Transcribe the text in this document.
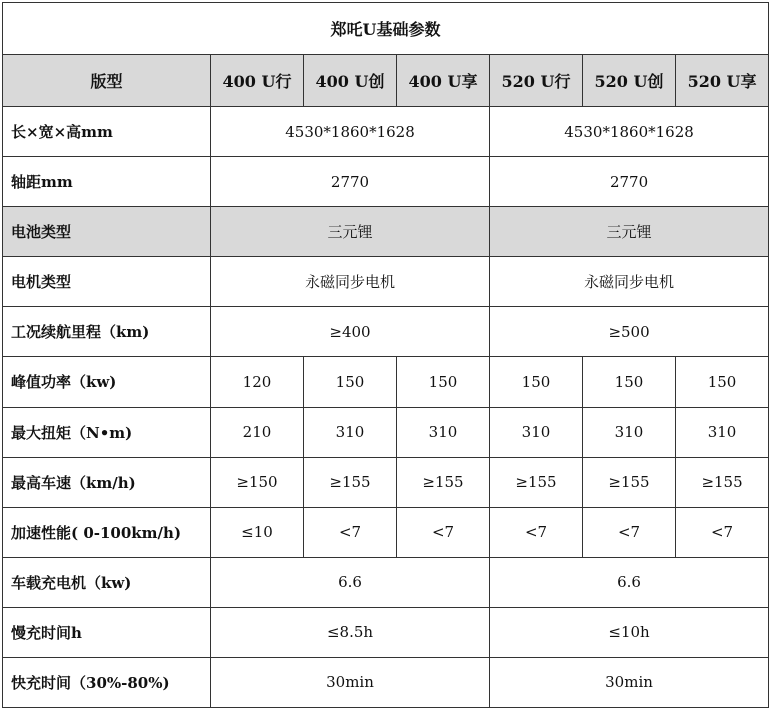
郑吒U基础参数						
版型	400 U行	400 U创	400 U享	520 U行	520 U创	520 U享
长×宽×高mm	4530*1860*1628			4530*1860*1628		
轴距mm	2770			2770		
电池类型	三元锂			三元锂		
电机类型	永磁同步电机			永磁同步电机		
工况续航里程（km)	≥400			≥500		
峰值功率（kw)	120	150	150	150	150	150
最大扭矩（N•m)	210	310	310	310	310	310
最高车速（km/h)	≥150	≥155	≥155	≥155	≥155	≥155
加速性能( 0-100km/h)	≤10	<7	<7	<7	<7	<7
车载充电机（kw)	6.6			6.6		
慢充时间h	≤8.5h			≤10h		
快充时间（30%-80%)	30min			30min		
